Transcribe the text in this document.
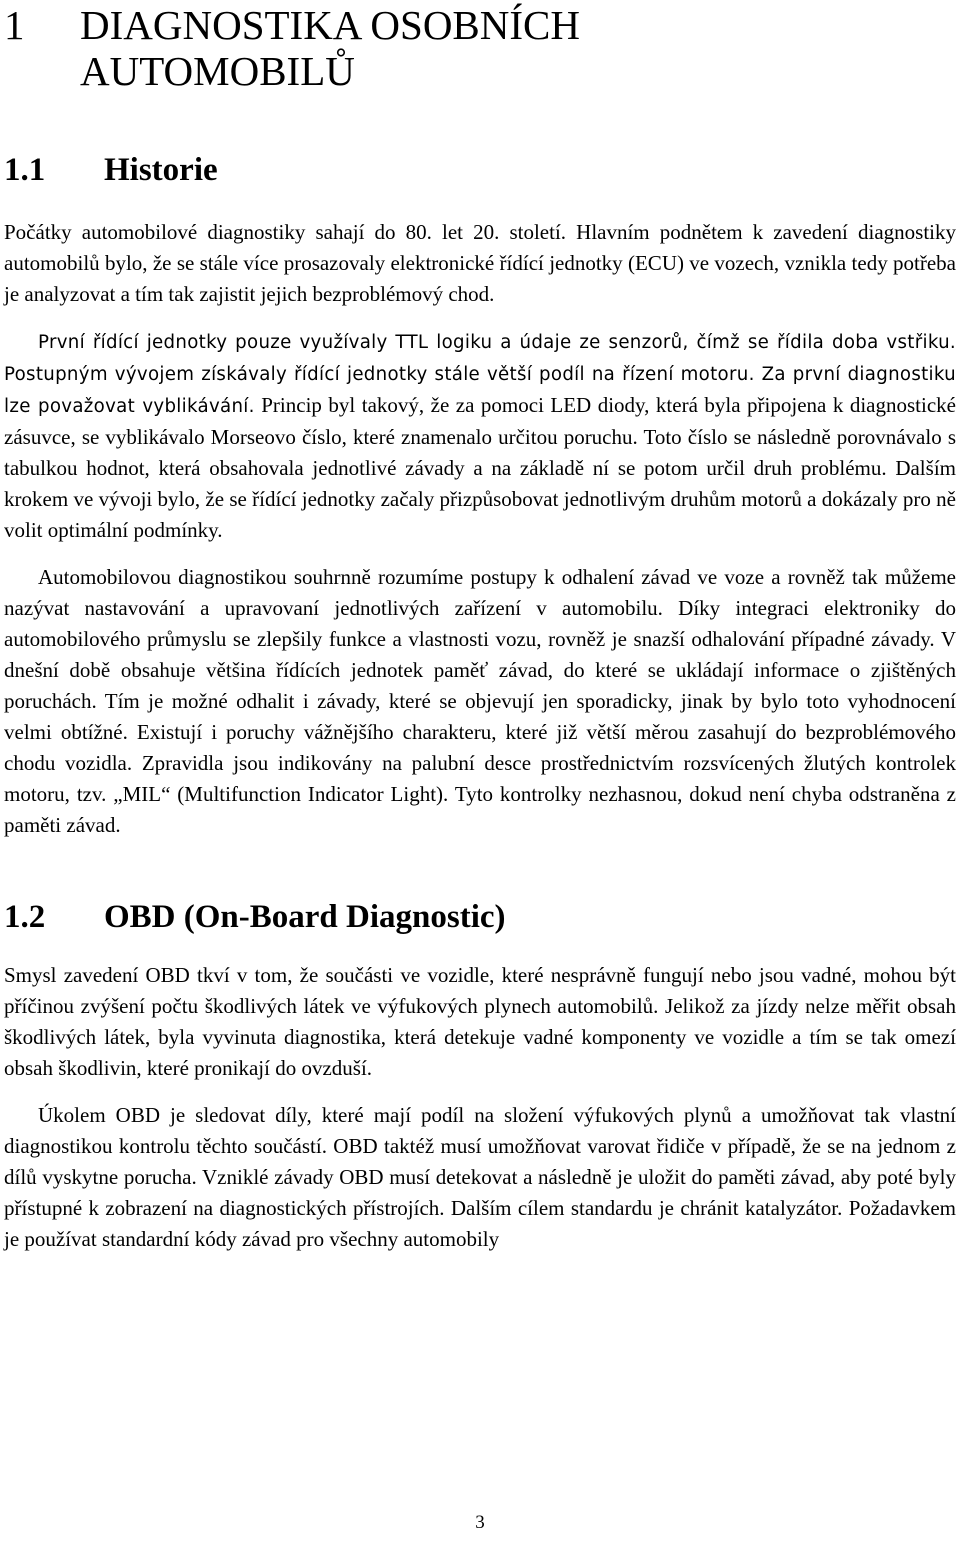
1	DIAGNOSTIKA OSOBNÍCH
AUTOMOBILŮ
1.1	Historie

Počátky automobilové diagnostiky sahají do 80. let 20. století. Hlavním podnětem k zavedení diagnostiky automobilů bylo, že se stále více prosazovaly elektronické řídící jednotky (ECU) ve vozech, vznikla tedy potřeba je analyzovat a tím tak zajistit jejich bezproblémový chod.

První řídící jednotky pouze využívaly TTL logiku a údaje ze senzorů, čímž se řídila doba vstřiku. Postupným vývojem získávaly řídící jednotky stále větší podíl na řízení motoru. Za první diagnostiku lze považovat vyblikávání. Princip byl takový, že za pomoci LED diody, která byla připojena k diagnostické zásuvce, se vyblikávalo Morseovo číslo, které znamenalo určitou poruchu. Toto číslo se následně porovnávalo s tabulkou hodnot, která obsahovala jednotlivé závady a na základě ní se potom určil druh problému. Dalším krokem ve vývoji bylo, že se řídící jednotky začaly přizpůsobovat jednotlivým druhům motorů a dokázaly pro ně volit optimální podmínky.

Automobilovou diagnostikou souhrnně rozumíme postupy k odhalení závad ve voze a rovněž tak můžeme nazývat nastavování a upravovaní jednotlivých zařízení v automobilu. Díky integraci elektroniky do automobilového průmyslu se zlepšily funkce a vlastnosti vozu, rovněž je snazší odhalování případné závady. V dnešní době obsahuje většina řídících jednotek paměť závad, do které se ukládají informace o zjištěných poruchách. Tím je možné odhalit i závady, které se objevují jen sporadicky, jinak by bylo toto vyhodnocení velmi obtížné. Existují i poruchy vážnějšího charakteru, které již větší měrou zasahují do bezproblémového chodu vozidla. Zpravidla jsou indikovány na palubní desce prostřednictvím rozsvícených žlutých kontrolek motoru, tzv. „MIL“ (Multifunction Indicator Light). Tyto kontrolky nezhasnou, dokud není chyba odstraněna z paměti závad.

1.2	OBD (On-Board Diagnostic)

Smysl zavedení OBD tkví v tom, že součásti ve vozidle, které nesprávně fungují nebo jsou vadné, mohou být příčinou zvýšení počtu škodlivých látek ve výfukových plynech automobilů. Jelikož za jízdy nelze měřit obsah škodlivých látek, byla vyvinuta diagnostika, která detekuje vadné komponenty ve vozidle a tím se tak omezí obsah škodlivin, které pronikají do ovzduší.

Úkolem OBD je sledovat díly, které mají podíl na složení výfukových plynů a umožňovat tak vlastní diagnostikou kontrolu těchto součástí. OBD taktéž musí umožňovat varovat řidiče v případě, že se na jednom z dílů vyskytne porucha. Vzniklé závady OBD musí detekovat a následně je uložit do paměti závad, aby poté byly přístupné k zobrazení na diagnostických přístrojích. Dalším cílem standardu je chránit katalyzátor. Požadavkem je používat standardní kódy závad pro všechny automobily

3
